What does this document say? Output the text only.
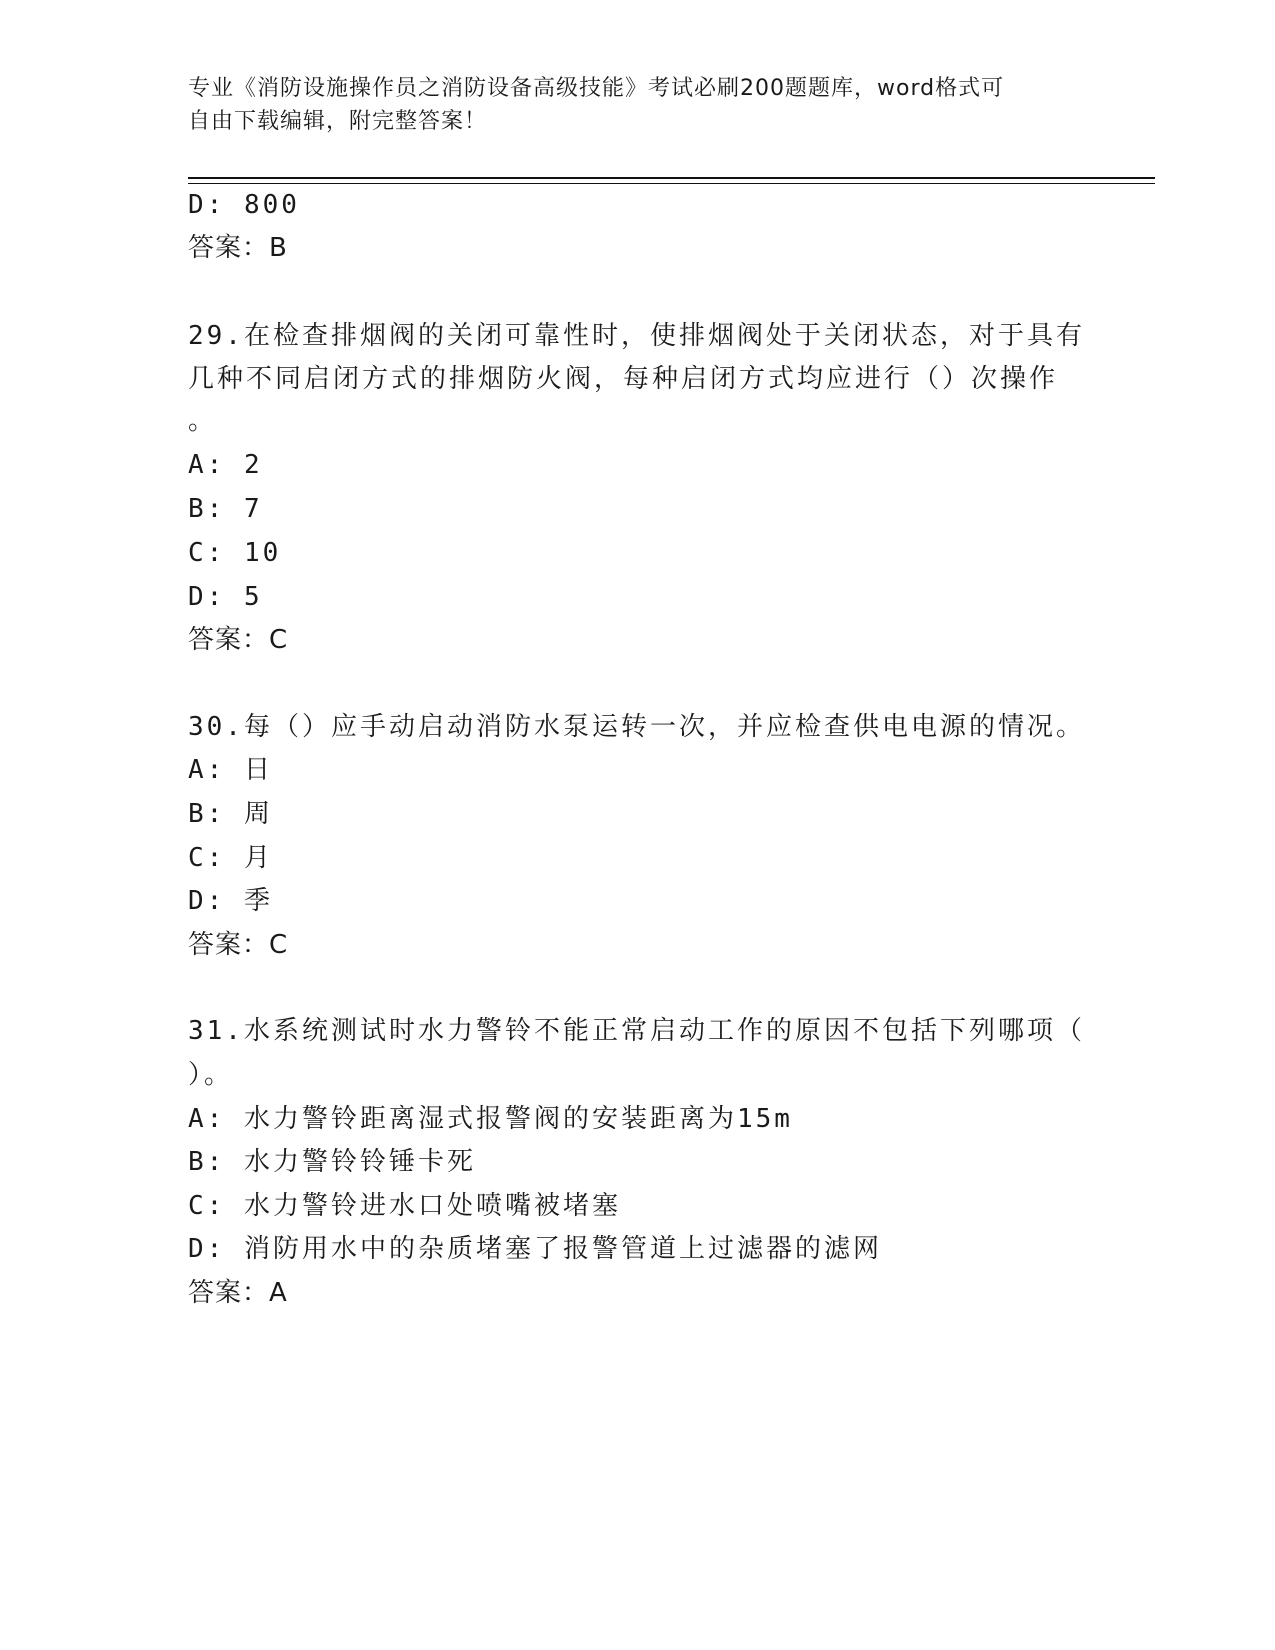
专业《消防设施操作员之消防设备高级技能》考试必刷200题题库，word格式可
自由下载编辑，附完整答案！
D: 800
答案：B
29.在检查排烟阀的关闭可靠性时，使排烟阀处于关闭状态，对于具有
几种不同启闭方式的排烟防火阀，每种启闭方式均应进行（）次操作
。
A: 2
B: 7
C: 10
D: 5
答案：C
30.每（）应手动启动消防水泵运转一次，并应检查供电电源的情况。
A: 日
B: 周
C: 月
D: 季
答案：C
31.水系统测试时水力警铃不能正常启动工作的原因不包括下列哪项（
）。
A: 水力警铃距离湿式报警阀的安装距离为15m
B: 水力警铃铃锤卡死
C: 水力警铃进水口处喷嘴被堵塞
D: 消防用水中的杂质堵塞了报警管道上过滤器的滤网
答案：A
